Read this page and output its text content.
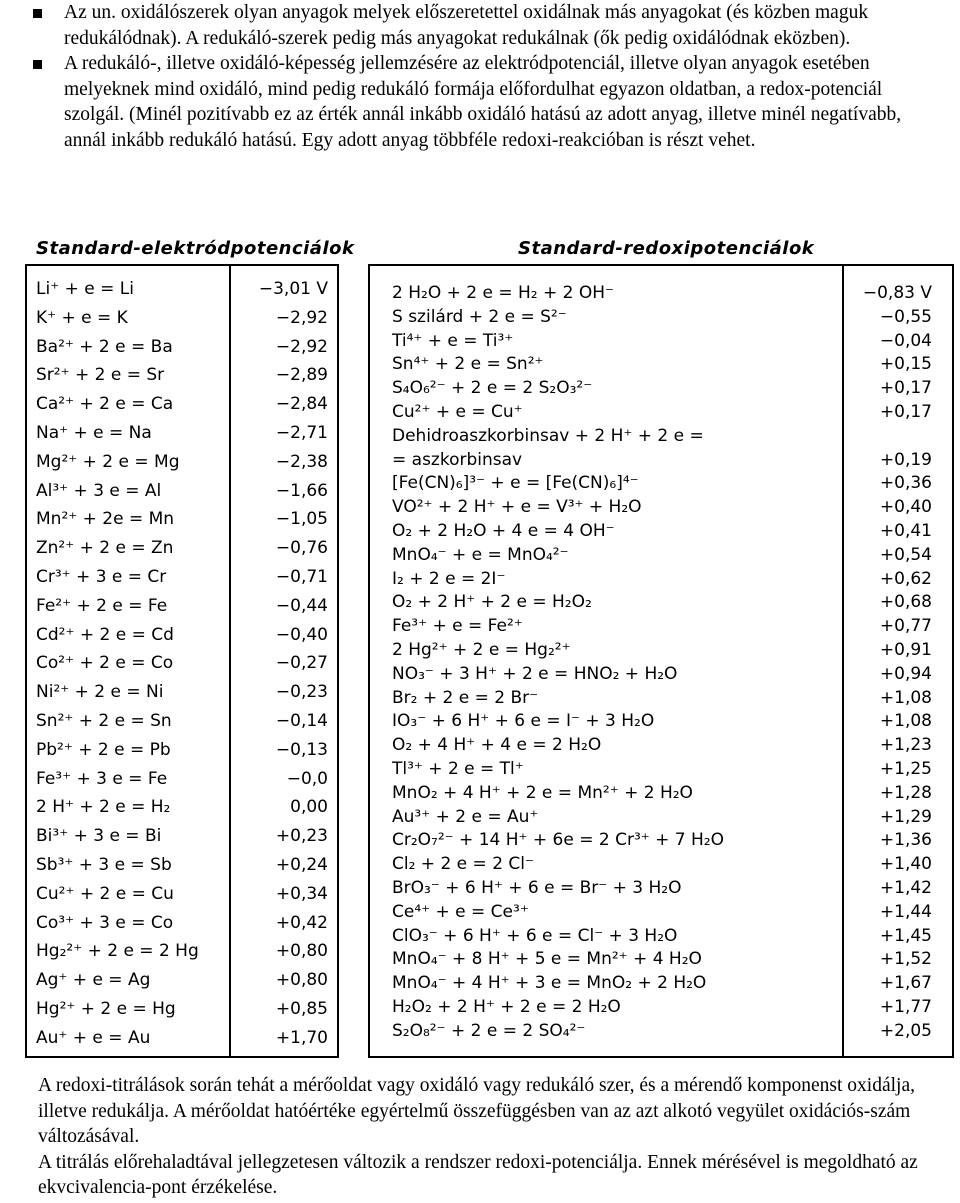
Az un. oxidálószerek olyan anyagok melyek előszeretettel oxidálnak más anyagokat (és közben maguk redukálódnak). A redukáló-szerek pedig más anyagokat redukálnak (ők pedig oxidálódnak eközben).
A redukáló-, illetve oxidáló-képesség jellemzésére az elektródpotenciál, illetve olyan anyagok esetében melyeknek mind oxidáló, mind pedig redukáló formája előfordulhat egyazon oldatban, a redox-potenciál szolgál. (Minél pozitívabb ez az érték annál inkább oxidáló hatású az adott anyag, illetve minél negatívabb, annál inkább redukáló hatású. Egy adott anyag többféle redoxi-reakcióban is részt vehet.
Standard-elektródpotenciálok	Standard-redoxipotenciálok
Li⁺ + e = Li	−3,01 V
K⁺ + e = K	−2,92
Ba²⁺ + 2 e = Ba	−2,92
Sr²⁺ + 2 e = Sr	−2,89
Ca²⁺ + 2 e = Ca	−2,84
Na⁺ + e = Na	−2,71
Mg²⁺ + 2 e = Mg	−2,38
Al³⁺ + 3 e = Al	−1,66
Mn²⁺ + 2e = Mn	−1,05
Zn²⁺ + 2 e = Zn	−0,76
Cr³⁺ + 3 e = Cr	−0,71
Fe²⁺ + 2 e = Fe	−0,44
Cd²⁺ + 2 e = Cd	−0,40
Co²⁺ + 2 e = Co	−0,27
Ni²⁺ + 2 e = Ni	−0,23
Sn²⁺ + 2 e = Sn	−0,14
Pb²⁺ + 2 e = Pb	−0,13
Fe³⁺ + 3 e = Fe	−0,0
2 H⁺ + 2 e = H₂	0,00
Bi³⁺ + 3 e = Bi	+0,23
Sb³⁺ + 3 e = Sb	+0,24
Cu²⁺ + 2 e = Cu	+0,34
Co³⁺ + 3 e = Co	+0,42
Hg₂²⁺ + 2 e = 2 Hg	+0,80
Ag⁺ + e = Ag	+0,80
Hg²⁺ + 2 e = Hg	+0,85
Au⁺ + e = Au	+1,70
2 H₂O + 2 e = H₂ + 2 OH⁻	−0,83 V
S szilárd + 2 e = S²⁻	−0,55
Ti⁴⁺ + e = Ti³⁺	−0,04
Sn⁴⁺ + 2 e = Sn²⁺	+0,15
S₄O₆²⁻ + 2 e = 2 S₂O₃²⁻	+0,17
Cu²⁺ + e = Cu⁺	+0,17
Dehidroaszkorbinsav + 2 H⁺ + 2 e =
= aszkorbinsav	+0,19
[Fe(CN)₆]³⁻ + e = [Fe(CN)₆]⁴⁻	+0,36
VO²⁺ + 2 H⁺ + e = V³⁺ + H₂O	+0,40
O₂ + 2 H₂O + 4 e = 4 OH⁻	+0,41
MnO₄⁻ + e = MnO₄²⁻	+0,54
I₂ + 2 e = 2I⁻	+0,62
O₂ + 2 H⁺ + 2 e = H₂O₂	+0,68
Fe³⁺ + e = Fe²⁺	+0,77
2 Hg²⁺ + 2 e = Hg₂²⁺	+0,91
NO₃⁻ + 3 H⁺ + 2 e = HNO₂ + H₂O	+0,94
Br₂ + 2 e = 2 Br⁻	+1,08
IO₃⁻ + 6 H⁺ + 6 e = I⁻ + 3 H₂O	+1,08
O₂ + 4 H⁺ + 4 e = 2 H₂O	+1,23
Tl³⁺ + 2 e = Tl⁺	+1,25
MnO₂ + 4 H⁺ + 2 e = Mn²⁺ + 2 H₂O	+1,28
Au³⁺ + 2 e = Au⁺	+1,29
Cr₂O₇²⁻ + 14 H⁺ + 6e = 2 Cr³⁺ + 7 H₂O	+1,36
Cl₂ + 2 e = 2 Cl⁻	+1,40
BrO₃⁻ + 6 H⁺ + 6 e = Br⁻ + 3 H₂O	+1,42
Ce⁴⁺ + e = Ce³⁺	+1,44
ClO₃⁻ + 6 H⁺ + 6 e = Cl⁻ + 3 H₂O	+1,45
MnO₄⁻ + 8 H⁺ + 5 e = Mn²⁺ + 4 H₂O	+1,52
MnO₄⁻ + 4 H⁺ + 3 e = MnO₂ + 2 H₂O	+1,67
H₂O₂ + 2 H⁺ + 2 e = 2 H₂O	+1,77
S₂O₈²⁻ + 2 e = 2 SO₄²⁻	+2,05

A redoxi-titrálások során tehát a mérőoldat vagy oxidáló vagy redukáló szer, és a mérendő komponenst oxidálja, illetve redukálja. A mérőoldat hatóértéke egyértelmű összefüggésben van az azt alkotó vegyület oxidációs-szám változásával.

A titrálás előrehaladtával jellegzetesen változik a rendszer redoxi-potenciálja. Ennek mérésével is megoldható az ekvcivalencia-pont érzékelése.
